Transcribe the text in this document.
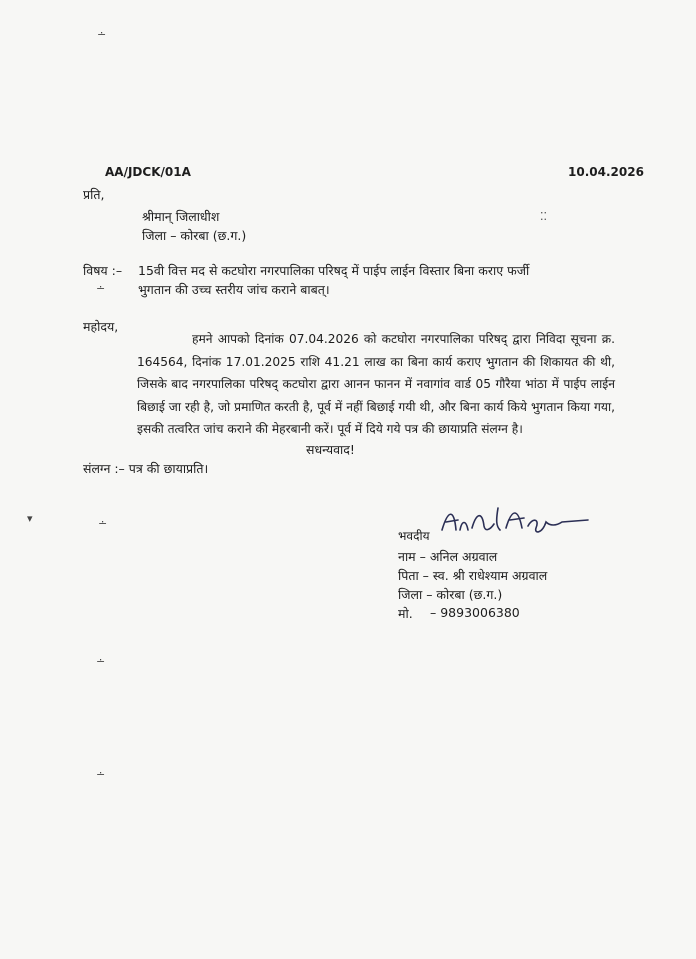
∸
⁚⁚
∸
▾	∸
∸
∸
AA/JDCK/01A	10.04.2026
प्रति,
श्रीमान् जिलाधीश
जिला – कोरबा (छ.ग.)
विषय :– 15वी वित्त मद से कटघोरा नगरपालिका परिषद् में पाईप लाईन विस्तार बिना कराए फर्जी
भुगतान की उच्च स्तरीय जांच कराने बाबत्।
महोदय,
हमने आपको दिनांक 07.04.2026 को कटघोरा नगरपालिका परिषद् द्वारा निविदा सूचना क्र. 164564, दिनांक 17.01.2025 राशि 41.21 लाख का बिना कार्य कराए भुगतान की शिकायत की थी, जिसके बाद नगरपालिका परिषद् कटघोरा द्वारा आनन फानन में नवागांव वार्ड 05 गौरैया भांठा में पाईप लाईन बिछाई जा रही है, जो प्रमाणित करती है, पूर्व में नहीं बिछाई गयी थी, और बिना कार्य किये भुगतान किया गया, इसकी तत्वरित जांच कराने की मेहरबानी करें। पूर्व में दिये गये पत्र की छायाप्रति संलग्न है।
सधन्यवाद!
संलग्न :– पत्र की छायाप्रति।
भवदीय
नाम – अनिल अग्रवाल
पिता – स्व. श्री राधेश्याम अग्रवाल
जिला – कोरबा (छ.ग.)
मो. – 9893006380
